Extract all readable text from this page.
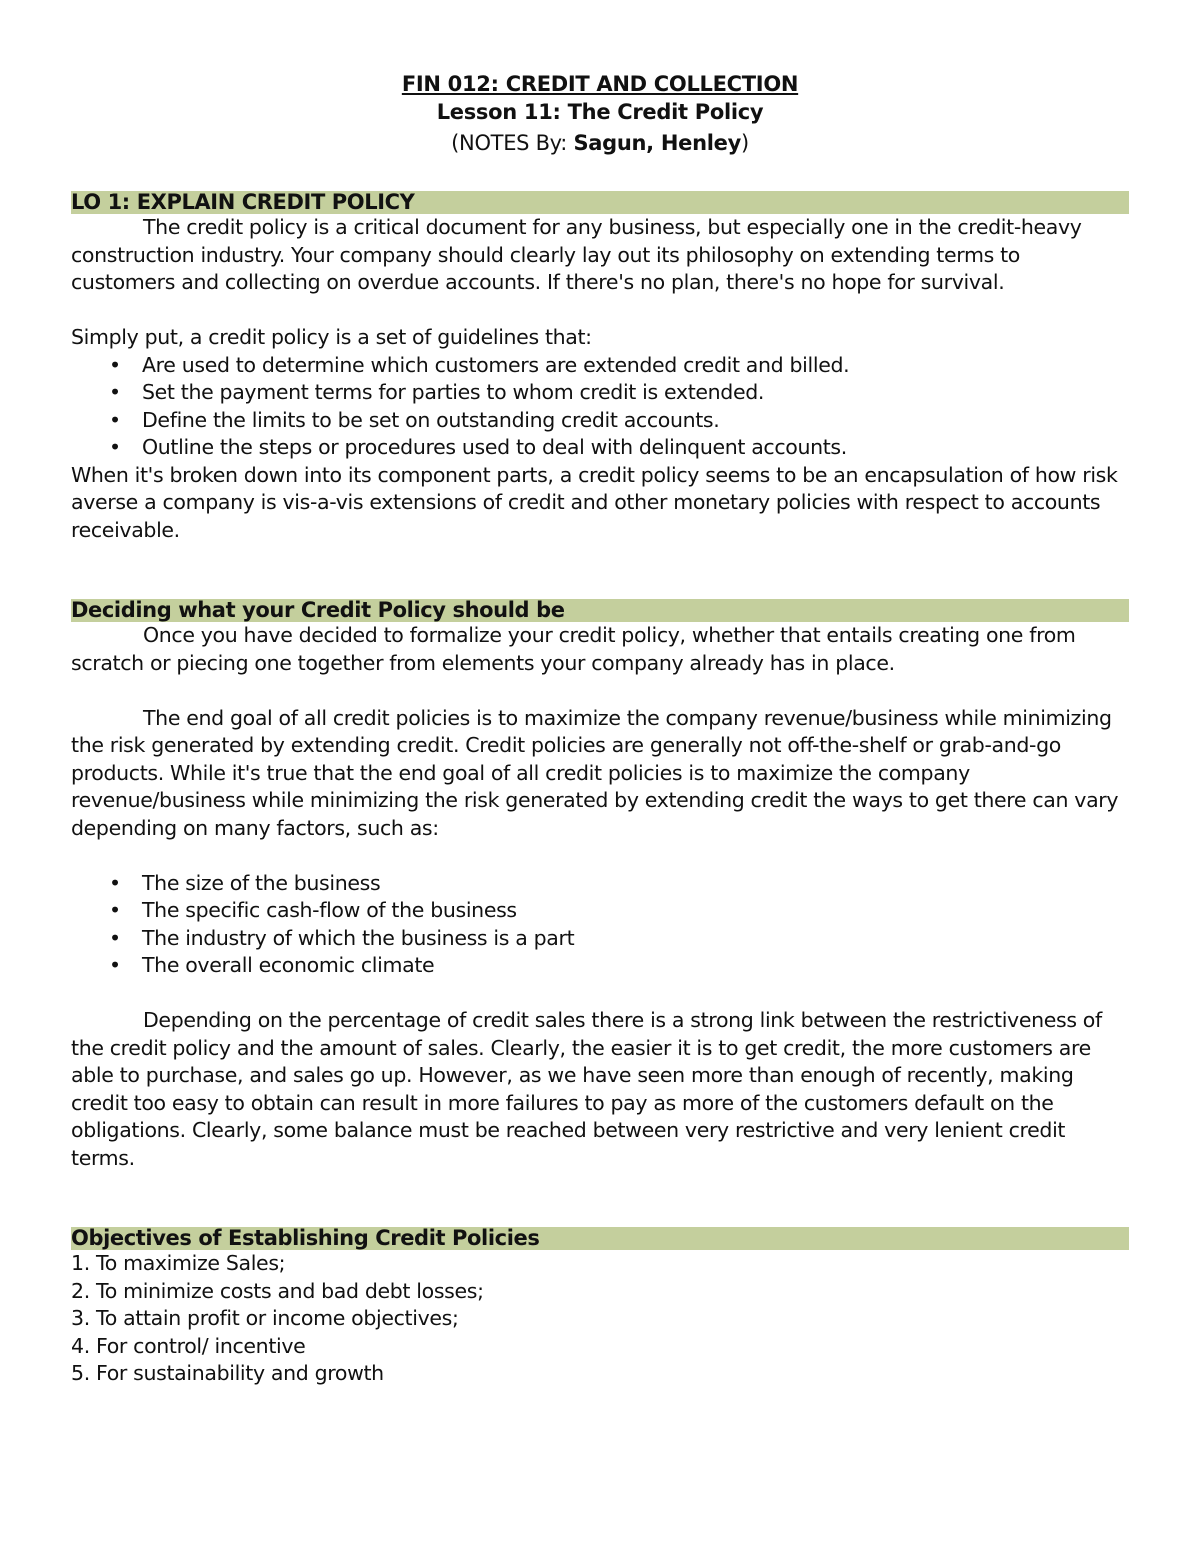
FIN 012: CREDIT AND COLLECTION
Lesson 11: The Credit Policy
(NOTES By: Sagun, Henley)
LO 1: EXPLAIN CREDIT POLICY

The credit policy is a critical document for any business, but especially one in the credit-heavy construction industry. Your company should clearly lay out its philosophy on extending terms to customers and collecting on overdue accounts. If there's no plan, there's no hope for survival.

Simply put, a credit policy is a set of guidelines that:

• Are used to determine which customers are extended credit and billed.
• Set the payment terms for parties to whom credit is extended.
• Define the limits to be set on outstanding credit accounts.
• Outline the steps or procedures used to deal with delinquent accounts.

When it's broken down into its component parts, a credit policy seems to be an encapsulation of how risk averse a company is vis-a-vis extensions of credit and other monetary policies with respect to accounts receivable.

Deciding what your Credit Policy should be

Once you have decided to formalize your credit policy, whether that entails creating one from scratch or piecing one together from elements your company already has in place.

The end goal of all credit policies is to maximize the company revenue/business while minimizing the risk generated by extending credit. Credit policies are generally not off-the-shelf or grab-and-go products. While it's true that the end goal of all credit policies is to maximize the company revenue/business while minimizing the risk generated by extending credit the ways to get there can vary depending on many factors, such as:

• The size of the business
• The specific cash-flow of the business
• The industry of which the business is a part
• The overall economic climate

Depending on the percentage of credit sales there is a strong link between the restrictiveness of the credit policy and the amount of sales. Clearly, the easier it is to get credit, the more customers are able to purchase, and sales go up. However, as we have seen more than enough of recently, making credit too easy to obtain can result in more failures to pay as more of the customers default on the obligations. Clearly, some balance must be reached between very restrictive and very lenient credit terms.

Objectives of Establishing Credit Policies
1. To maximize Sales;
2. To minimize costs and bad debt losses;
3. To attain profit or income objectives;
4. For control/ incentive
5. For sustainability and growth
